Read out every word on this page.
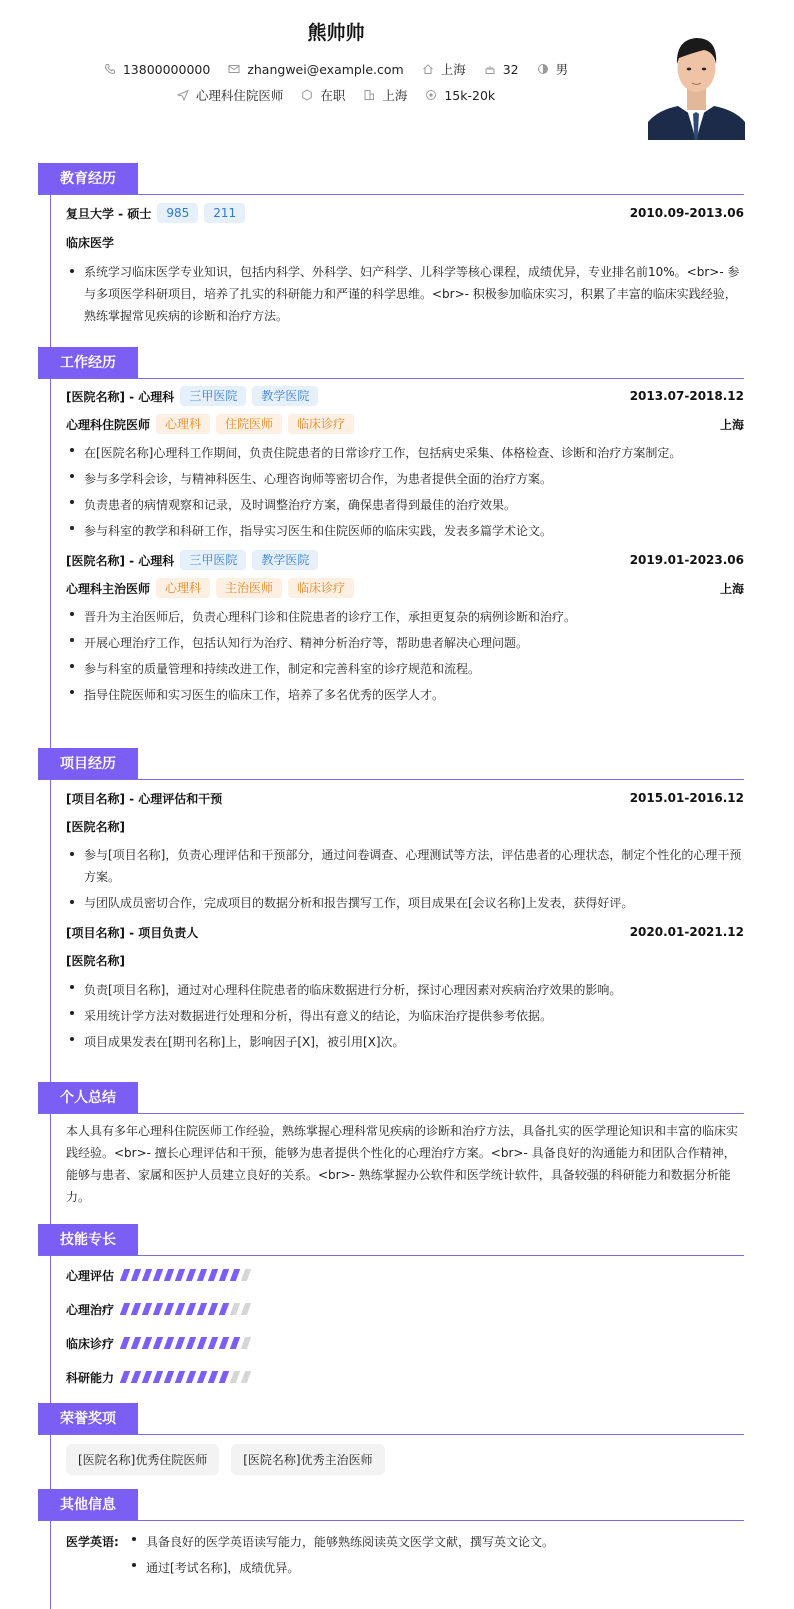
熊帅帅
13800000000	zhangwei@example.com	上海	32	男
心理科住院医师	在职	上海	15k-20k
教育经历
复旦大学 - 硕士	985	211	2010.09-2013.06
临床医学
系统学习临床医学专业知识，包括内科学、外科学、妇产科学、儿科学等核心课程，成绩优异，专业排名前10%。<br>- 参与多项医学科研项目，培养了扎实的科研能力和严谨的科学思维。<br>- 积极参加临床实习，积累了丰富的临床实践经验，熟练掌握常见疾病的诊断和治疗方法。
工作经历
[医院名称] - 心理科	三甲医院	教学医院	2013.07-2018.12
心理科住院医师	心理科	住院医师	临床诊疗	上海
在[医院名称]心理科工作期间，负责住院患者的日常诊疗工作，包括病史采集、体格检查、诊断和治疗方案制定。
参与多学科会诊，与精神科医生、心理咨询师等密切合作，为患者提供全面的治疗方案。
负责患者的病情观察和记录，及时调整治疗方案，确保患者得到最佳的治疗效果。
参与科室的教学和科研工作，指导实习医生和住院医师的临床实践，发表多篇学术论文。
[医院名称] - 心理科	三甲医院	教学医院	2019.01-2023.06
心理科主治医师	心理科	主治医师	临床诊疗	上海
晋升为主治医师后，负责心理科门诊和住院患者的诊疗工作，承担更复杂的病例诊断和治疗。
开展心理治疗工作，包括认知行为治疗、精神分析治疗等，帮助患者解决心理问题。
参与科室的质量管理和持续改进工作，制定和完善科室的诊疗规范和流程。
指导住院医师和实习医生的临床工作，培养了多名优秀的医学人才。
项目经历
[项目名称] - 心理评估和干预	2015.01-2016.12
[医院名称]
参与[项目名称]，负责心理评估和干预部分，通过问卷调查、心理测试等方法，评估患者的心理状态，制定个性化的心理干预方案。
与团队成员密切合作，完成项目的数据分析和报告撰写工作，项目成果在[会议名称]上发表，获得好评。
[项目名称] - 项目负责人	2020.01-2021.12
[医院名称]
负责[项目名称]，通过对心理科住院患者的临床数据进行分析，探讨心理因素对疾病治疗效果的影响。
采用统计学方法对数据进行处理和分析，得出有意义的结论，为临床治疗提供参考依据。
项目成果发表在[期刊名称]上，影响因子[X]，被引用[X]次。
个人总结
本人具有多年心理科住院医师工作经验，熟练掌握心理科常见疾病的诊断和治疗方法，具备扎实的医学理论知识和丰富的临床实践经验。<br>- 擅长心理评估和干预，能够为患者提供个性化的心理治疗方案。<br>- 具备良好的沟通能力和团队合作精神，能够与患者、家属和医护人员建立良好的关系。<br>- 熟练掌握办公软件和医学统计软件，具备较强的科研能力和数据分析能力。
技能专长
心理评估
心理治疗
临床诊疗
科研能力
荣誉奖项
[医院名称]优秀住院医师	[医院名称]优秀主治医师
其他信息
医学英语:	具备良好的医学英语读写能力，能够熟练阅读英文医学文献，撰写英文论文。
通过[考试名称]，成绩优异。
